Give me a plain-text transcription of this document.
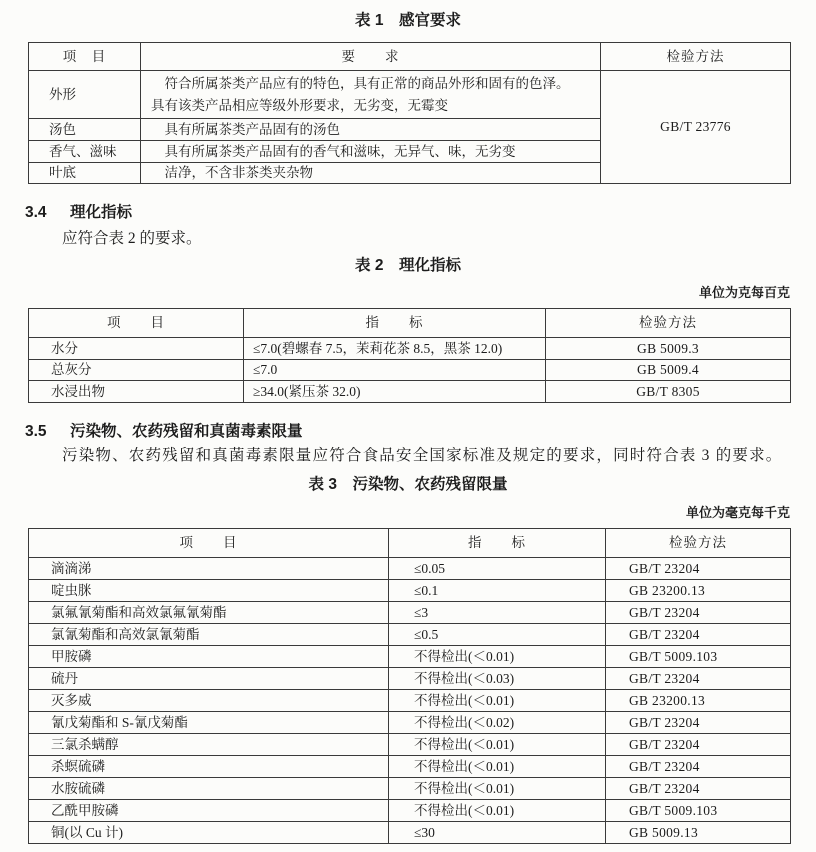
表 1　感官要求
项　目	要　　求	检验方法
外形	符合所属茶类产品应有的特色，具有正常的商品外形和固有的色泽。
具有该类产品相应等级外形要求，无劣变，无霉变	GB/T 23776
汤色	具有所属茶类产品固有的汤色	
香气、滋味	具有所属茶类产品固有的香气和滋味，无异气、味，无劣变	
叶底	洁净，不含非茶类夹杂物	
3.4 理化指标
应符合表 2 的要求。
表 2　理化指标
单位为克每百克
项　　目	指　　标	检验方法
水分	≤7.0(碧螺春 7.5，茉莉花茶 8.5，黑茶 12.0)	GB 5009.3
总灰分	≤7.0	GB 5009.4
水浸出物	≥34.0(紧压茶 32.0)	GB/T 8305
3.5 污染物、农药残留和真菌毒素限量
污染物、农药残留和真菌毒素限量应符合食品安全国家标准及规定的要求，同时符合表 3 的要求。
表 3　污染物、农药残留限量
单位为毫克每千克
项　　目	指　　标	检验方法
滴滴涕	≤0.05	GB/T 23204
啶虫脒	≤0.1	GB 23200.13
氯氟氰菊酯和高效氯氟氰菊酯	≤3	GB/T 23204
氯氰菊酯和高效氯氰菊酯	≤0.5	GB/T 23204
甲胺磷	不得检出(＜0.01)	GB/T 5009.103
硫丹	不得检出(＜0.03)	GB/T 23204
灭多威	不得检出(＜0.01)	GB 23200.13
氰戊菊酯和 S-氰戊菊酯	不得检出(＜0.02)	GB/T 23204
三氯杀螨醇	不得检出(＜0.01)	GB/T 23204
杀螟硫磷	不得检出(＜0.01)	GB/T 23204
水胺硫磷	不得检出(＜0.01)	GB/T 23204
乙酰甲胺磷	不得检出(＜0.01)	GB/T 5009.103
铜(以 Cu 计)	≤30	GB 5009.13
